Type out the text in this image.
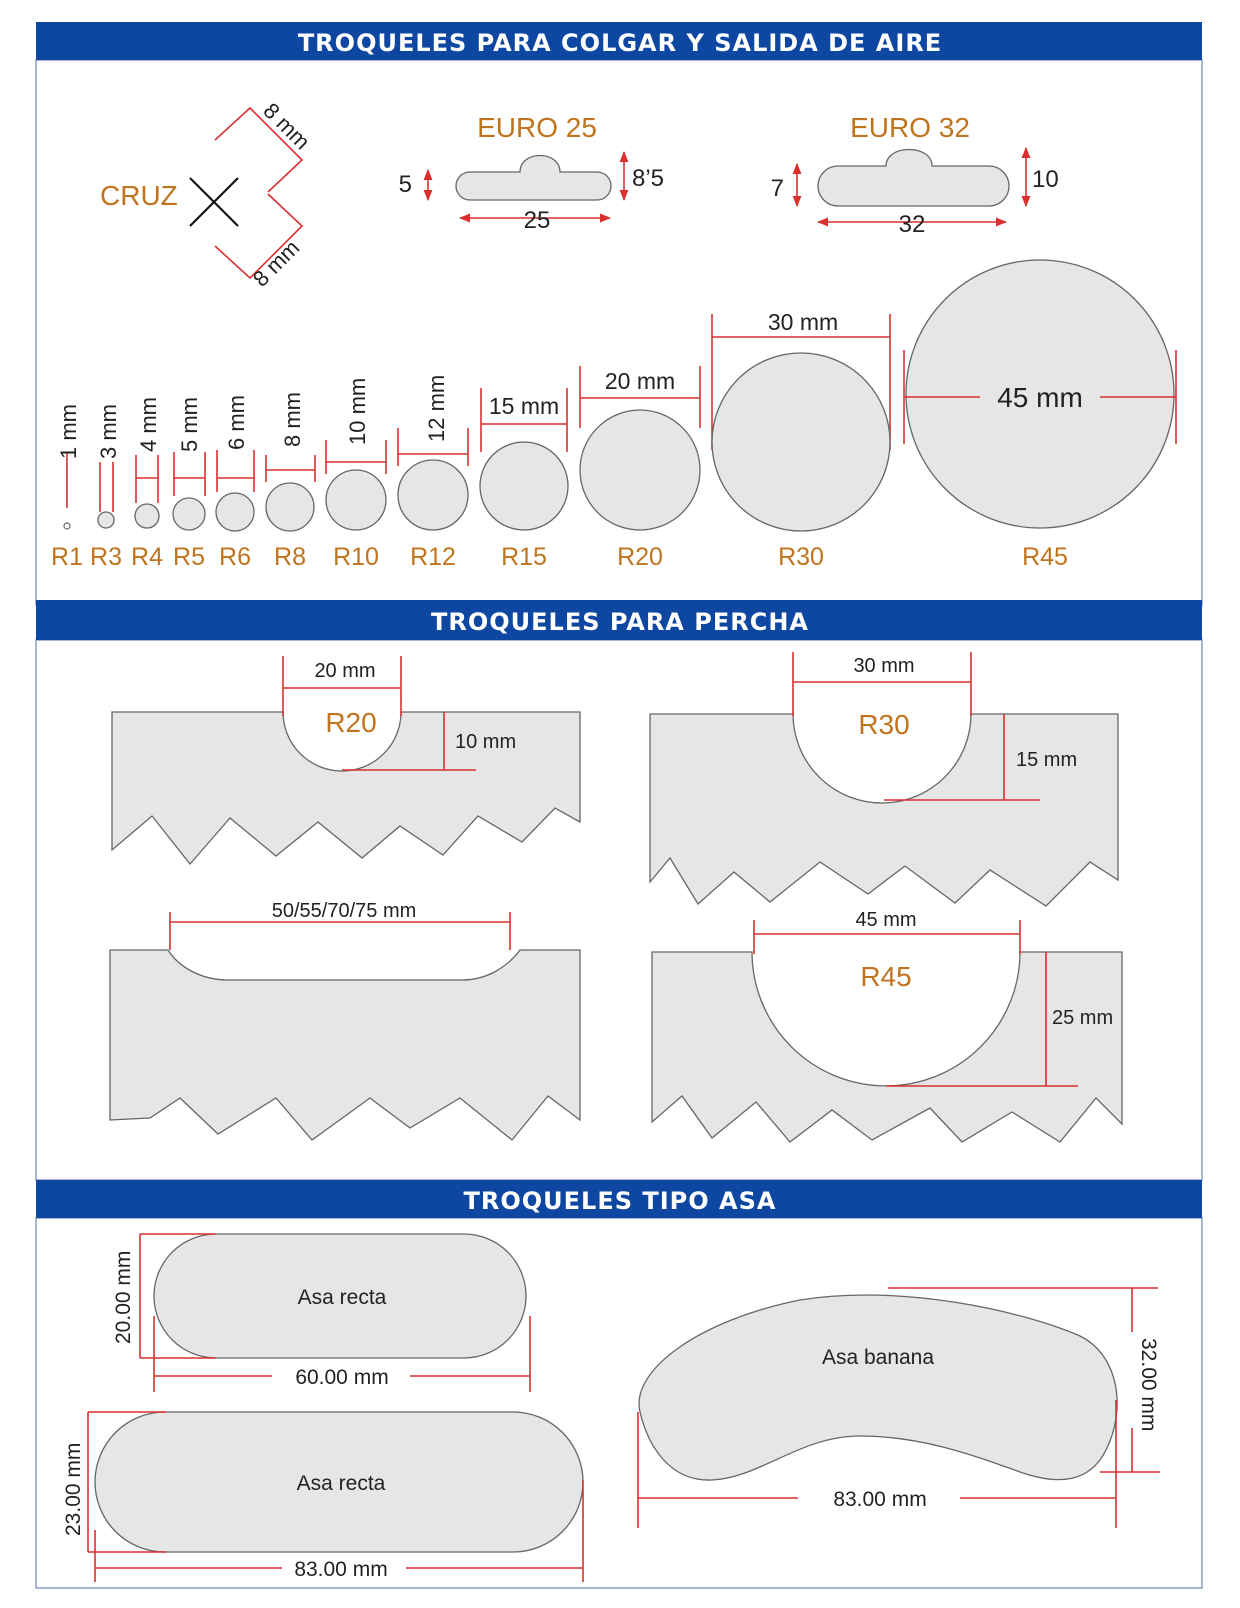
TROQUELES PARA COLGAR Y SALIDA DE AIRE
CRUZ
8 mm
8 mm
EURO 25
5	8’5
25
EURO 32
7	10
32
1 mm
R1
3 mm
R3
4 mm
R4
5 mm
R5
6 mm
R6
8 mm
R8
10 mm
R10
12 mm
R12
15 mm
R15
20 mm
R20
30 mm
R30
45 mm
R45
TROQUELES PARA PERCHA
20 mm
R20
10 mm
30 mm
R30
15 mm
50/55/70/75 mm	45 mm
R45
25 mm
TROQUELES TIPO ASA
Asa recta
20.00 mm
60.00 mm
Asa recta
23.00 mm
83.00 mm
Asa banana	32.00 mm
83.00 mm
